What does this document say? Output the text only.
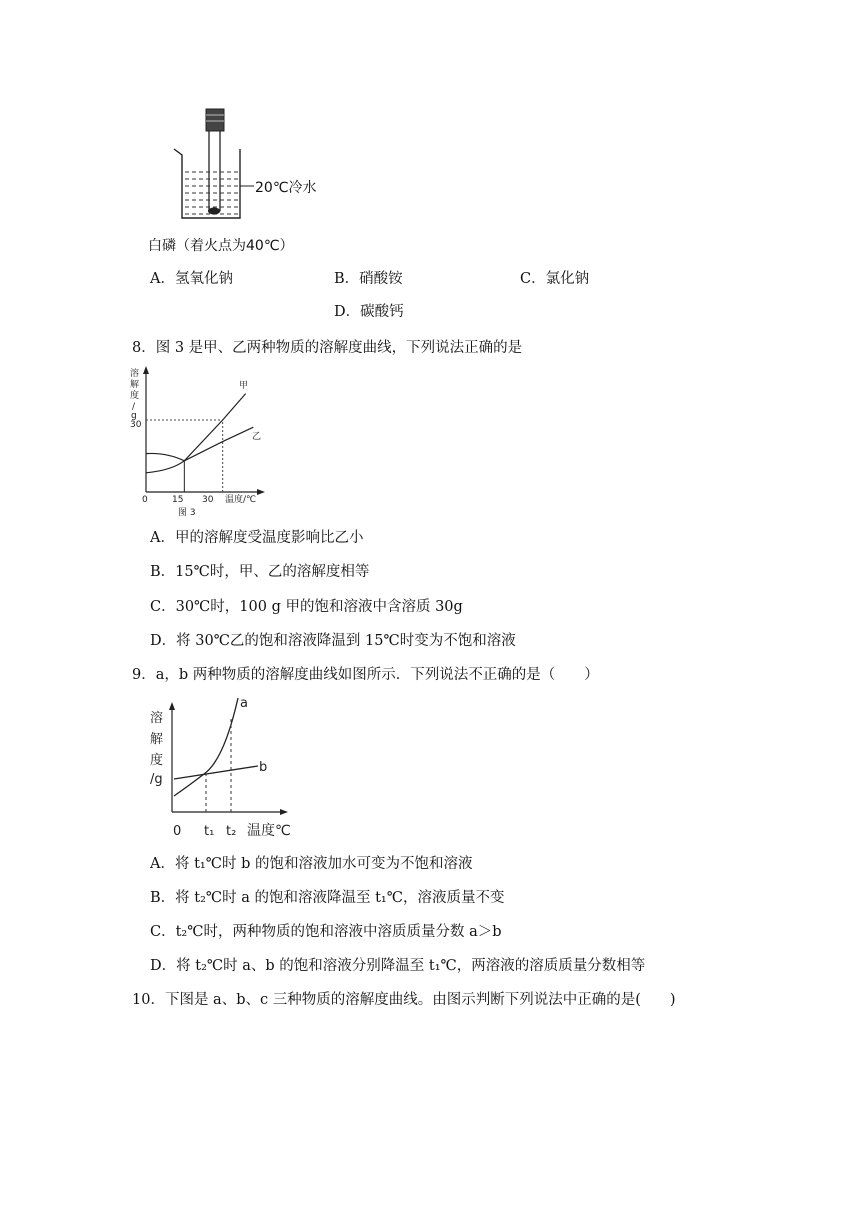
20℃冷水
白磷（着火点为40℃）
A．氢氧化钠	B．硝酸铵	C．氯化钠
D．碳酸钙
8．图 3 是甲、乙两种物质的溶解度曲线，下列说法正确的是
溶
解
度
/
g
30
0	15 30 温度/℃
甲
乙
图 3
A．甲的溶解度受温度影响比乙小
B．15℃时，甲、乙的溶解度相等
C．30℃时，100 g 甲的饱和溶液中含溶质 30g
D．将 30℃乙的饱和溶液降温到 15℃时变为不饱和溶液
9．a，b 两种物质的溶解度曲线如图所示．下列说法不正确的是（　　）
溶
解
度
/g
0 t₁ t₂ 温度℃
a
b
A．将 t₁℃时 b 的饱和溶液加水可变为不饱和溶液
B．将 t₂℃时 a 的饱和溶液降温至 t₁℃，溶液质量不变
C．t₂℃时，两种物质的饱和溶液中溶质质量分数 a＞b
D．将 t₂℃时 a、b 的饱和溶液分别降温至 t₁℃，两溶液的溶质质量分数相等
10．下图是 a、b、c 三种物质的溶解度曲线。由图示判断下列说法中正确的是(　　)
